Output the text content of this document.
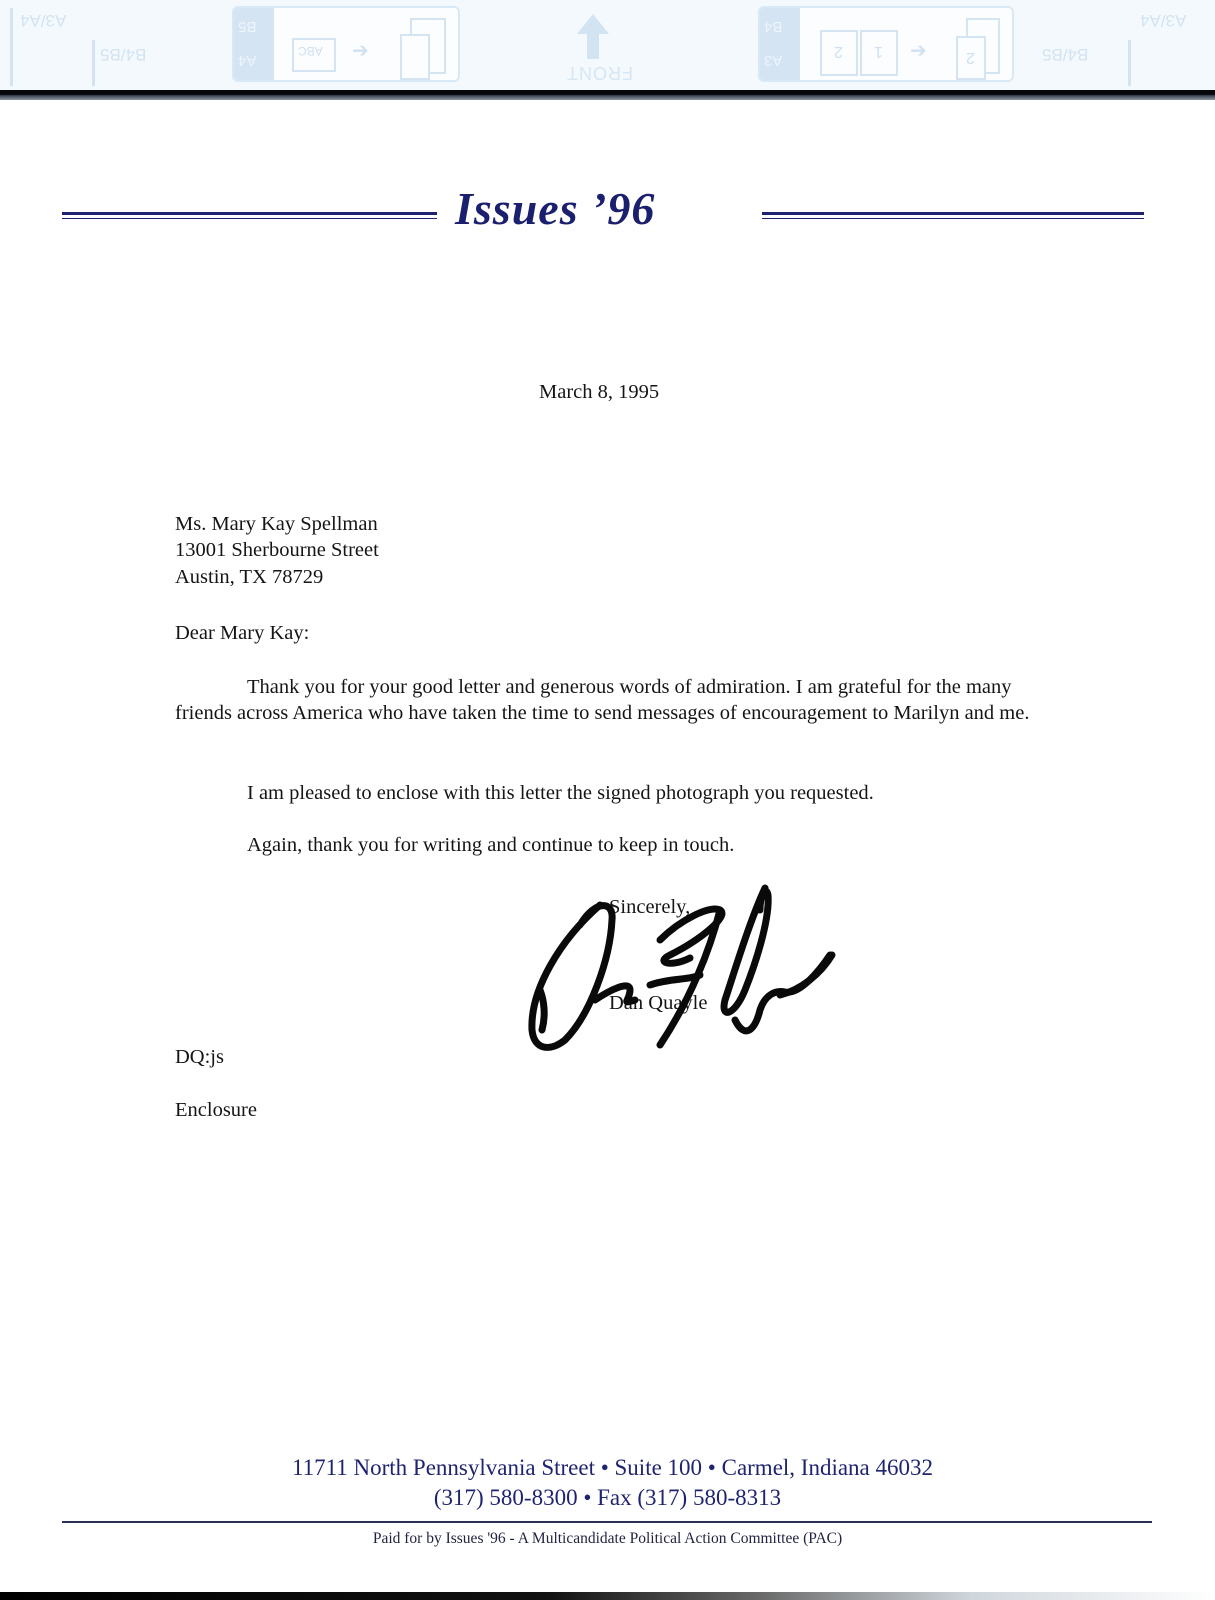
A3/A4
B4/B5
B5
A4
ABC ➔
FRONT
B4
A3
2 1 ➔ 2	B4/B5
A3/A4
Issues ’96
March 8, 1995
Ms. Mary Kay Spellman
13001 Sherbourne Street
Austin, TX 78729
Dear Mary Kay:
Thank you for your good letter and generous words of admiration. I am grateful for the many friends across America who have taken the time to send messages of encouragement to Marilyn and me.
I am pleased to enclose with this letter the signed photograph you requested.
Again, thank you for writing and continue to keep in touch.
Sincerely,
Dan Quayle
DQ:js
Enclosure
11711 North Pennsylvania Street • Suite 100 • Carmel, Indiana 46032
(317) 580-8300 • Fax (317) 580-8313
Paid for by Issues '96 - A Multicandidate Political Action Committee (PAC)
